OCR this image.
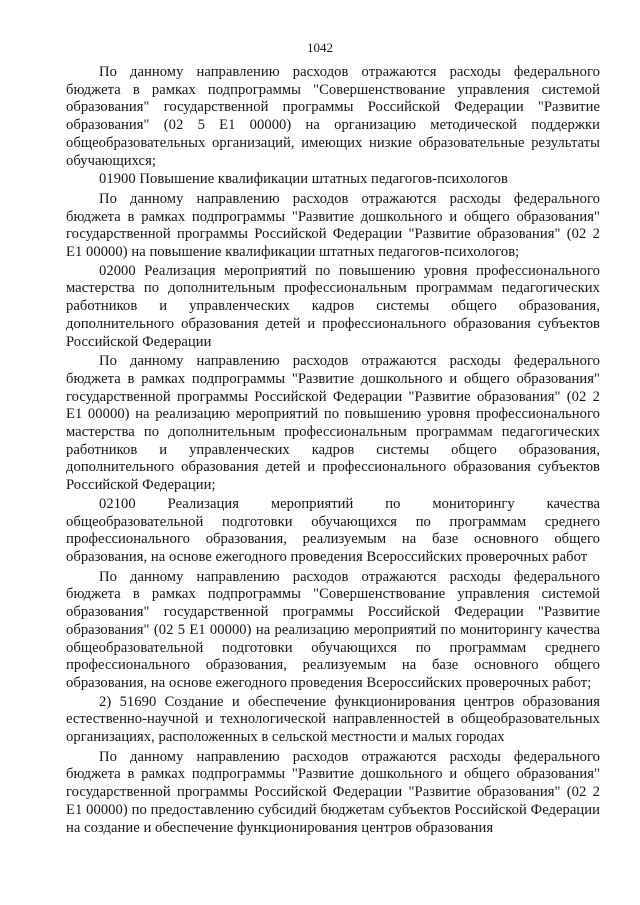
1042

По данному направлению расходов отражаются расходы федерального бюджета в рамках подпрограммы "Совершенствование управления системой образования" государственной программы Российской Федерации "Развитие образования" (02 5 Е1 00000) на организацию методической поддержки общеобразовательных организаций, имеющих низкие образовательные результаты обучающихся;

01900 Повышение квалификации штатных педагогов-психологов

По данному направлению расходов отражаются расходы федерального бюджета в рамках подпрограммы "Развитие дошкольного и общего образования" государственной программы Российской Федерации "Развитие образования" (02 2 Е1 00000) на повышение квалификации штатных педагогов-психологов;

02000 Реализация мероприятий по повышению уровня профессионального мастерства по дополнительным профессиональным программам педагогических работников и управленческих кадров системы общего образования, дополнительного образования детей и профессионального образования субъектов Российской Федерации

По данному направлению расходов отражаются расходы федерального бюджета в рамках подпрограммы "Развитие дошкольного и общего образования" государственной программы Российской Федерации "Развитие образования" (02 2 Е1 00000) на реализацию мероприятий по повышению уровня профессионального мастерства по дополнительным профессиональным программам педагогических работников и управленческих кадров системы общего образования, дополнительного образования детей и профессионального образования субъектов Российской Федерации;

02100 Реализация мероприятий по мониторингу качества общеобразовательной подготовки обучающихся по программам среднего профессионального образования, реализуемым на базе основного общего образования, на основе ежегодного проведения Всероссийских проверочных работ

По данному направлению расходов отражаются расходы федерального бюджета в рамках подпрограммы "Совершенствование управления системой образования" государственной программы Российской Федерации "Развитие образования" (02 5 Е1 00000) на реализацию мероприятий по мониторингу качества общеобразовательной подготовки обучающихся по программам среднего профессионального образования, реализуемым на базе основного общего образования, на основе ежегодного проведения Всероссийских проверочных работ;

2) 51690 Создание и обеспечение функционирования центров образования естественно-научной и технологической направленностей в общеобразовательных организациях, расположенных в сельской местности и малых городах

По данному направлению расходов отражаются расходы федерального бюджета в рамках подпрограммы "Развитие дошкольного и общего образования" государственной программы Российской Федерации "Развитие образования" (02 2 Е1 00000) по предоставлению субсидий бюджетам субъектов Российской Федерации на создание и обеспечение функционирования центров образования
